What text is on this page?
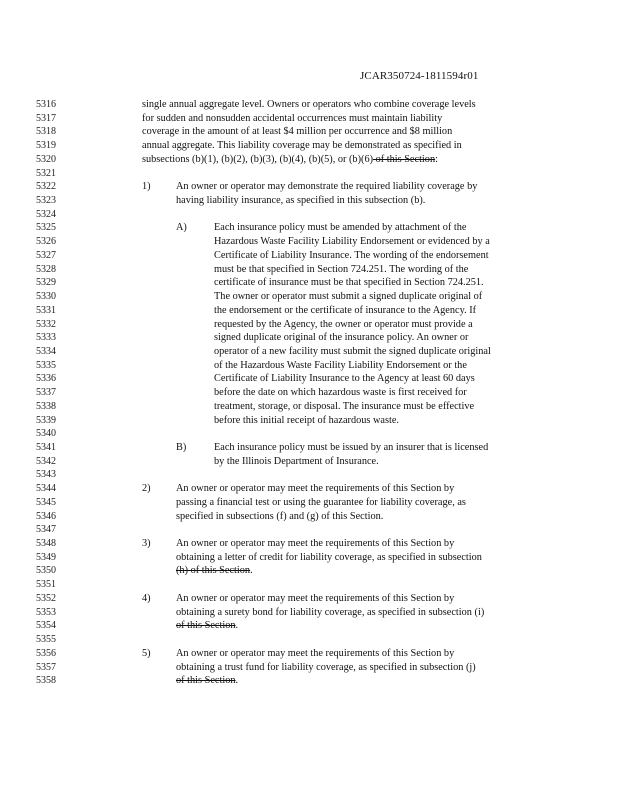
JCAR350724-1811594r01
5316	single annual aggregate level. Owners or operators who combine coverage levels
5317	for sudden and nonsudden accidental occurrences must maintain liability
5318	coverage in the amount of at least $4 million per occurrence and $8 million
5319	annual aggregate. This liability coverage may be demonstrated as specified in
5320	subsections (b)(1), (b)(2), (b)(3), (b)(4), (b)(5), or (b)(6) of this Section:
5321
5322	1) An owner or operator may demonstrate the required liability coverage by
5323	having liability insurance, as specified in this subsection (b).
5324
5325	A)	Each insurance policy must be amended by attachment of the
5326	Hazardous Waste Facility Liability Endorsement or evidenced by a
5327	Certificate of Liability Insurance. The wording of the endorsement
5328	must be that specified in Section 724.251. The wording of the
5329	certificate of insurance must be that specified in Section 724.251.
5330	The owner or operator must submit a signed duplicate original of
5331	the endorsement or the certificate of insurance to the Agency. If
5332	requested by the Agency, the owner or operator must provide a
5333	signed duplicate original of the insurance policy. An owner or
5334	operator of a new facility must submit the signed duplicate original
5335	of the Hazardous Waste Facility Liability Endorsement or the
5336	Certificate of Liability Insurance to the Agency at least 60 days
5337	before the date on which hazardous waste is first received for
5338	treatment, storage, or disposal. The insurance must be effective
5339	before this initial receipt of hazardous waste.
5340
5341	B)	Each insurance policy must be issued by an insurer that is licensed
5342	by the Illinois Department of Insurance.
5343
5344	2) An owner or operator may meet the requirements of this Section by
5345	passing a financial test or using the guarantee for liability coverage, as
5346	specified in subsections (f) and (g) of this Section.
5347
5348	3) An owner or operator may meet the requirements of this Section by
5349	obtaining a letter of credit for liability coverage, as specified in subsection
5350	(h) of this Section.
5351
5352	4) An owner or operator may meet the requirements of this Section by
5353	obtaining a surety bond for liability coverage, as specified in subsection (i)
5354	of this Section.
5355
5356	5) An owner or operator may meet the requirements of this Section by
5357	obtaining a trust fund for liability coverage, as specified in subsection (j)
5358	of this Section.
